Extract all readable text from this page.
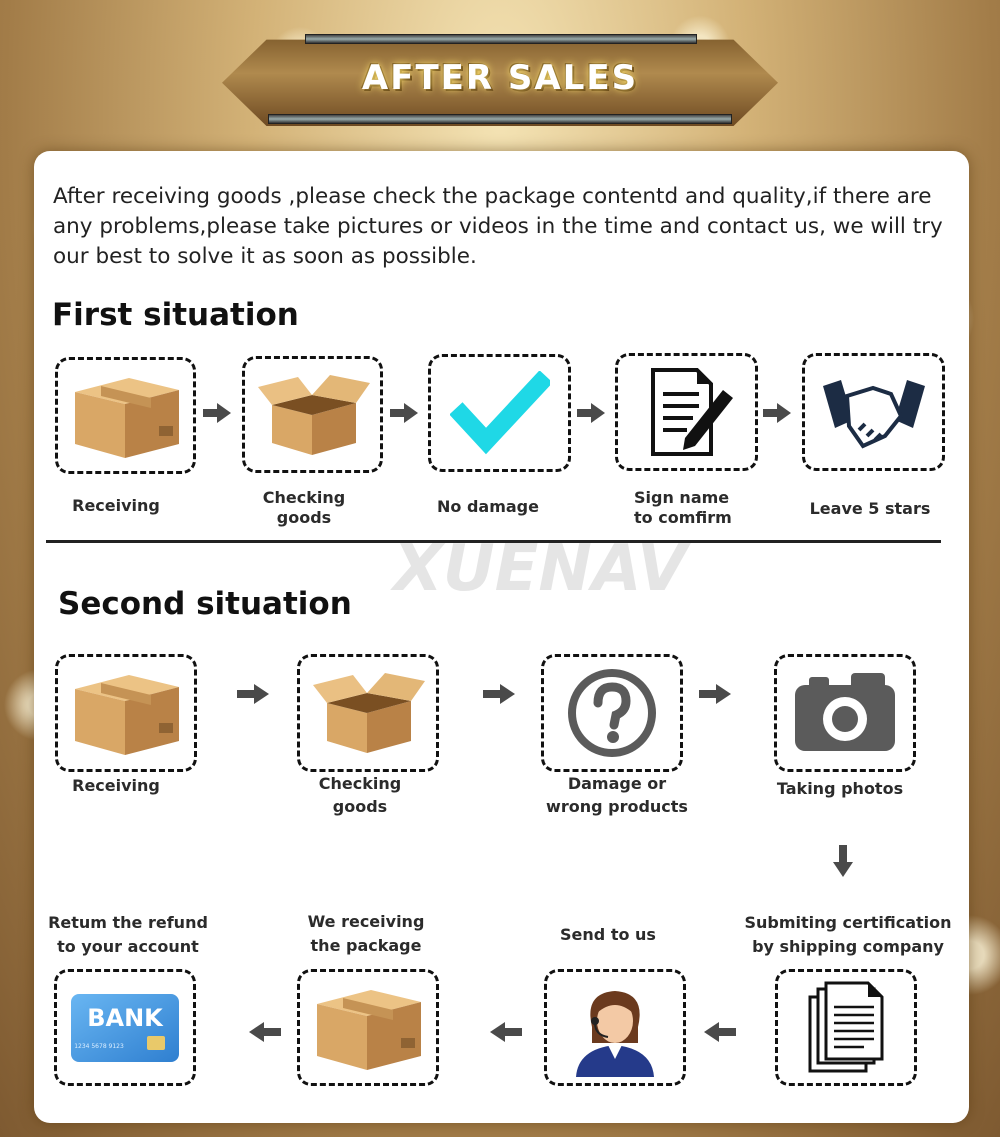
AFTER SALES

After receiving goods ,please check the package contentd and quality,if there are any problems,please take pictures or videos in the time and contact us, we will try our best to solve it as soon as possible.

First situation
XUENAV
Second situation
Receiving	Checking
goods
No damage	Sign name
to comfirm	Leave 5 stars
Receiving	Checking
goods
Damage or
wrong products
Taking photos
Retum the refund
to your account
We receiving
the package
Send to us
Submiting certification
by shipping company
BANK
1234 5678 9123
